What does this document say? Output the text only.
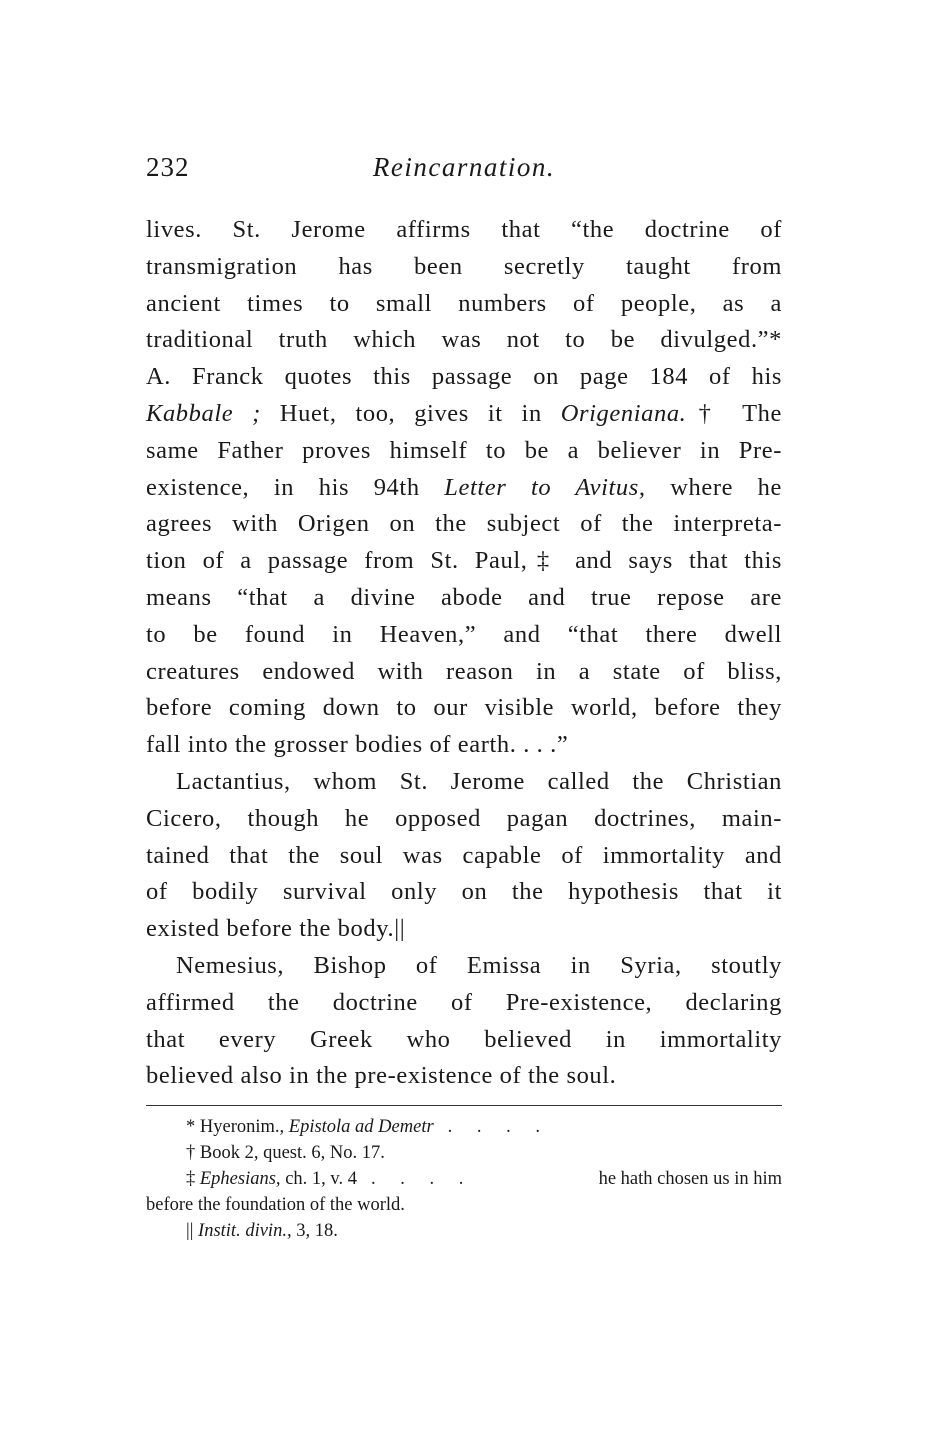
232	Reincarnation.
lives. St. Jerome affirms that “the doctrine of
transmigration has been secretly taught from
ancient times to small numbers of people, as a
traditional truth which was not to be divulged.”*
A. Franck quotes this passage on page 184 of his
Kabbale ; Huet, too, gives it in Origeniana.† The
same Father proves himself to be a believer in Pre-
existence, in his 94th Letter to Avitus, where he
agrees with Origen on the subject of the interpreta-
tion of a passage from St. Paul,‡ and says that this
means “that a divine abode and true repose are
to be found in Heaven,” and “that there dwell
creatures endowed with reason in a state of bliss,
before coming down to our visible world, before they
fall into the grosser bodies of earth. . . .”
Lactantius, whom St. Jerome called the Christian
Cicero, though he opposed pagan doctrines, main-
tained that the soul was capable of immortality and
of bodily survival only on the hypothesis that it
existed before the body.||
Nemesius, Bishop of Emissa in Syria, stoutly
affirmed the doctrine of Pre-existence, declaring
that every Greek who believed in immortality
believed also in the pre-existence of the soul.
* Hyeronim., Epistola ad Demetr . . . .
† Book 2, quest. 6, No. 17.
‡ Ephesians, ch. 1, v. 4 . . . .	he hath chosen us in him
before the foundation of the world.
|| Instit. divin., 3, 18.
